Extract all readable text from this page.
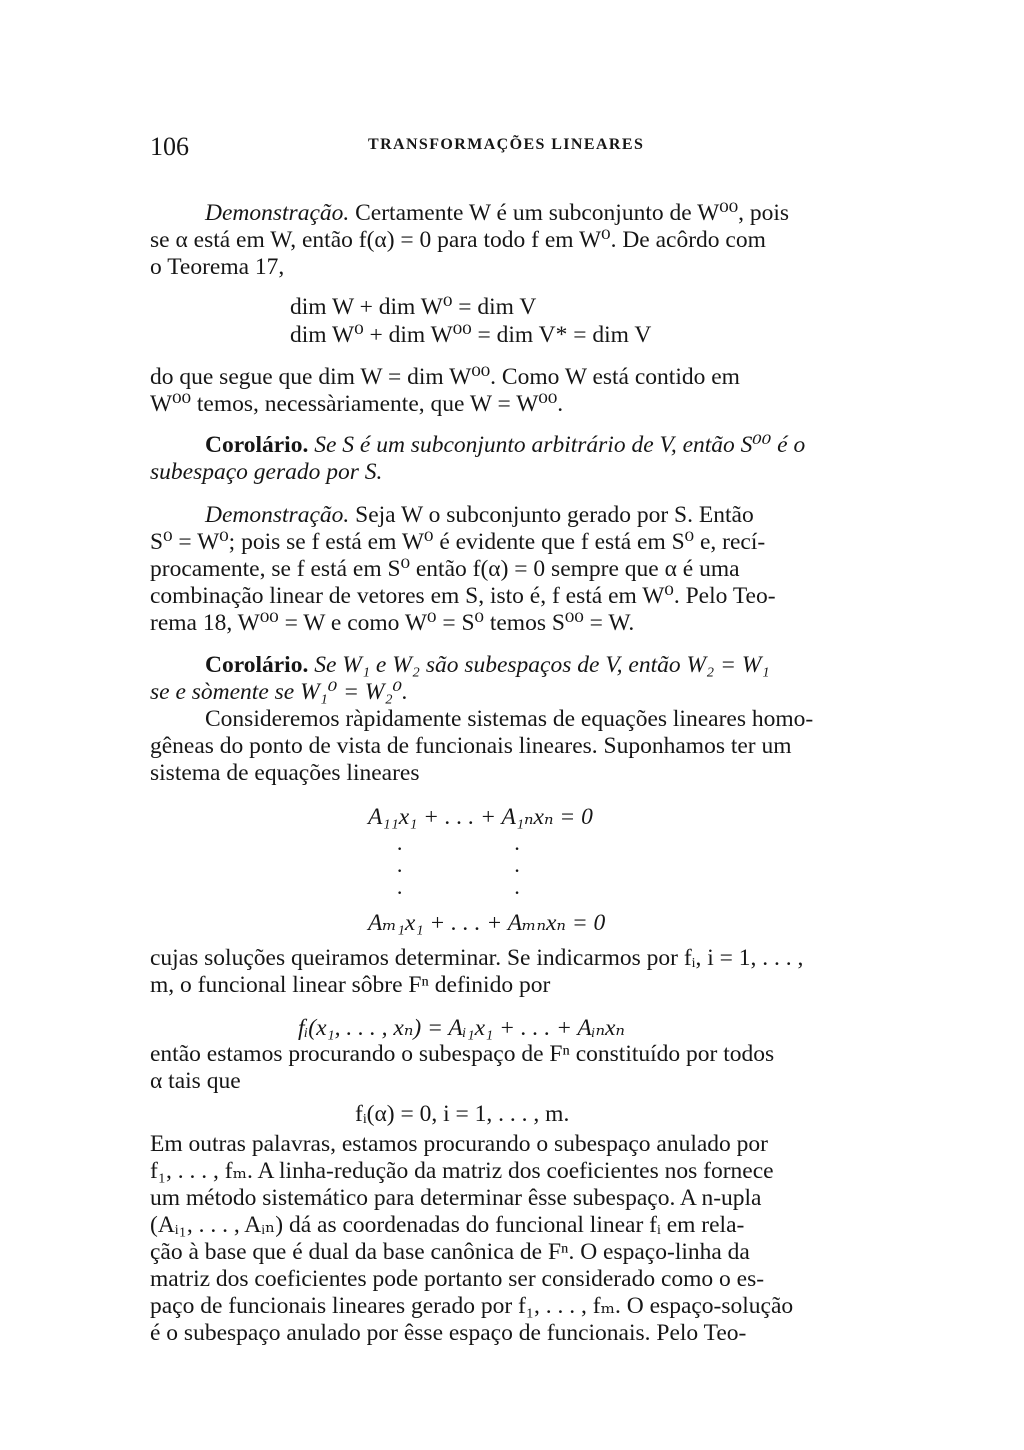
106	TRANSFORMAÇÕES LINEARES
Demonstração. Certamente W é um subconjunto de W⁰⁰, pois
se α está em W, então f(α) = 0 para todo f em W⁰. De acôrdo com
o Teorema 17,
dim W + dim W⁰ = dim V
dim W⁰ + dim W⁰⁰ = dim V* = dim V
do que segue que dim W = dim W⁰⁰. Como W está contido em
W⁰⁰ temos, necessàriamente, que W = W⁰⁰.
Corolário. Se S é um subconjunto arbitrário de V, então S⁰⁰ é o
subespaço gerado por S.
Demonstração. Seja W o subconjunto gerado por S. Então
S⁰ = W⁰; pois se f está em W⁰ é evidente que f está em S⁰ e, recí-
procamente, se f está em S⁰ então f(α) = 0 sempre que α é uma
combinação linear de vetores em S, isto é, f está em W⁰. Pelo Teo-
rema 18, W⁰⁰ = W e como W⁰ = S⁰ temos S⁰⁰ = W.
Corolário. Se W₁ e W₂ são subespaços de V, então W₂ = W₁
se e sòmente se W₁⁰ = W₂⁰.
Consideremos ràpidamente sistemas de equações lineares homo-
gêneas do ponto de vista de funcionais lineares. Suponhamos ter um
sistema de equações lineares
A₁₁x₁ + . . . + A₁ₙxₙ = 0
·                    ·
·                    ·
·                    ·
Aₘ₁x₁ + . . . + Aₘₙxₙ = 0
cujas soluções queiramos determinar. Se indicarmos por fᵢ, i = 1, . . . ,
m, o funcional linear sôbre Fⁿ definido por
fᵢ(x₁, . . . , xₙ) = Aᵢ₁x₁ + . . . + Aᵢₙxₙ
então estamos procurando o subespaço de Fⁿ constituído por todos
α tais que
fᵢ(α) = 0, i = 1, . . . , m.
Em outras palavras, estamos procurando o subespaço anulado por
f₁, . . . , fₘ. A linha-redução da matriz dos coeficientes nos fornece
um método sistemático para determinar êsse subespaço. A n-upla
(Aᵢ₁, . . . , Aᵢₙ) dá as coordenadas do funcional linear fᵢ em rela-
ção à base que é dual da base canônica de Fⁿ. O espaço-linha da
matriz dos coeficientes pode portanto ser considerado como o es-
paço de funcionais lineares gerado por f₁, . . . , fₘ. O espaço-solução
é o subespaço anulado por êsse espaço de funcionais. Pelo Teo-
